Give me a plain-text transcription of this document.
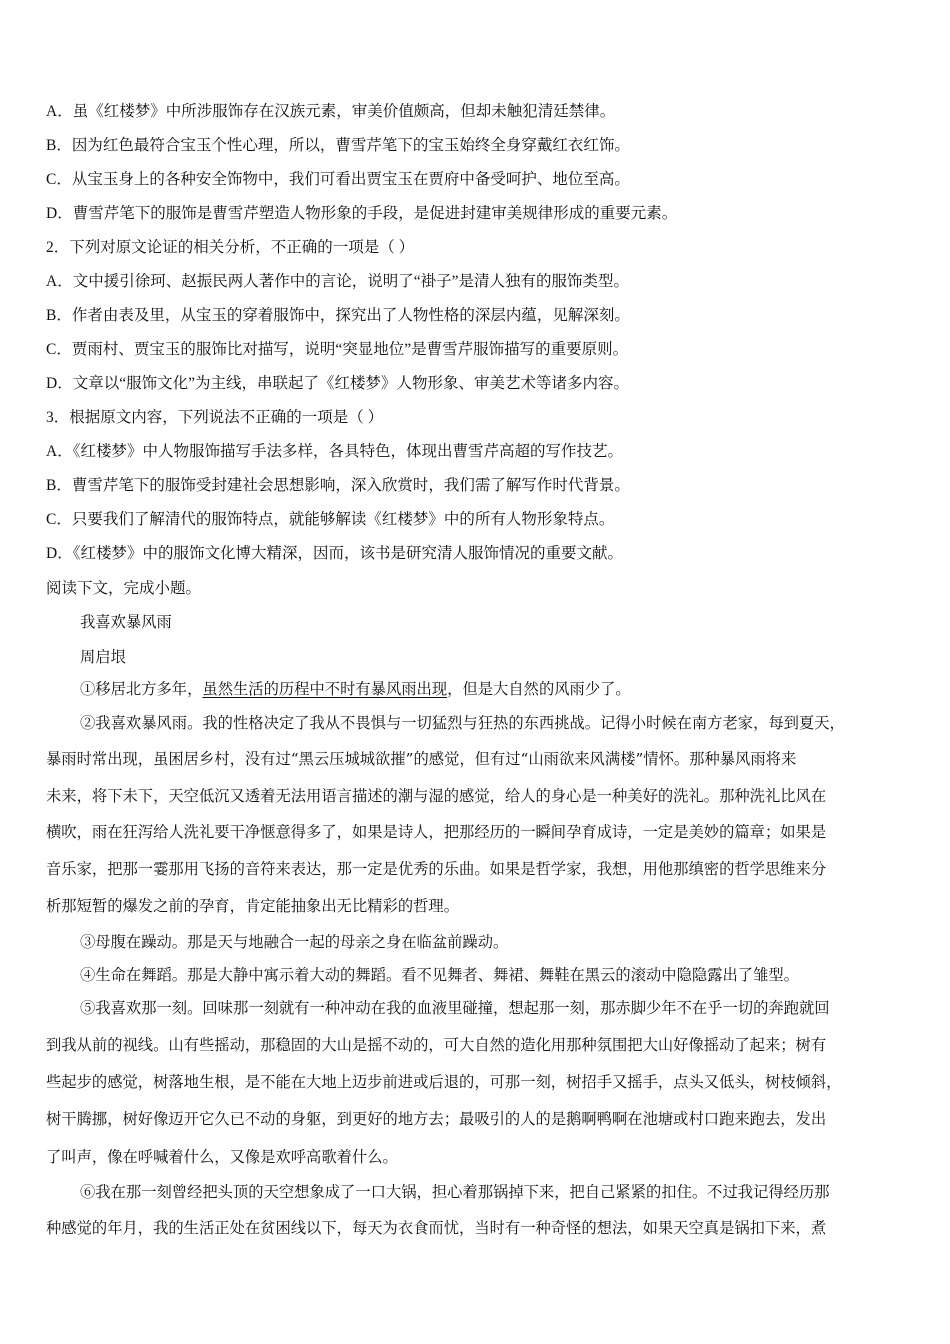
A．虽《红楼梦》中所涉服饰存在汉族元素，审美价值颇高，但却未触犯清廷禁律。
B．因为红色最符合宝玉个性心理，所以，曹雪芹笔下的宝玉始终全身穿戴红衣红饰。
C．从宝玉身上的各种安全饰物中，我们可看出贾宝玉在贾府中备受呵护、地位至高。
D．曹雪芹笔下的服饰是曹雪芹塑造人物形象的手段，是促进封建审美规律形成的重要元素。
2．下列对原文论证的相关分析，不正确的一项是（ ）
A．文中援引徐珂、赵振民两人著作中的言论，说明了“褂子”是清人独有的服饰类型。
B．作者由表及里，从宝玉的穿着服饰中，探究出了人物性格的深层内蕴，见解深刻。
C．贾雨村、贾宝玉的服饰比对描写，说明“突显地位”是曹雪芹服饰描写的重要原则。
D．文章以“服饰文化”为主线，串联起了《红楼梦》人物形象、审美艺术等诸多内容。
3．根据原文内容，下列说法不正确的一项是（ ）
A．《红楼梦》中人物服饰描写手法多样，各具特色，体现出曹雪芹高超的写作技艺。
B．曹雪芹笔下的服饰受封建社会思想影响，深入欣赏时，我们需了解写作时代背景。
C．只要我们了解清代的服饰特点，就能够解读《红楼梦》中的所有人物形象特点。
D．《红楼梦》中的服饰文化博大精深，因而，该书是研究清人服饰情况的重要文献。
阅读下文，完成小题。
我喜欢暴风雨
周启垠
①移居北方多年，虽然生活的历程中不时有暴风雨出现，但是大自然的风雨少了。
②我喜欢暴风雨。我的性格决定了我从不畏惧与一切猛烈与狂热的东西挑战。记得小时候在南方老家，每到夏天，
暴雨时常出现，虽困居乡村，没有过“黑云压城城欲摧”的感觉，但有过“山雨欲来风满楼”情怀。那种暴风雨将来
未来，将下未下，天空低沉又透着无法用语言描述的潮与湿的感觉，给人的身心是一种美好的洗礼。那种洗礼比风在
横吹，雨在狂泻给人洗礼要干净惬意得多了，如果是诗人，把那经历的一瞬间孕育成诗，一定是美妙的篇章；如果是
音乐家，把那一霎那用飞扬的音符来表达，那一定是优秀的乐曲。如果是哲学家，我想，用他那缜密的哲学思维来分
析那短暂的爆发之前的孕育，肯定能抽象出无比精彩的哲理。
③母腹在躁动。那是天与地融合一起的母亲之身在临盆前躁动。
④生命在舞蹈。那是大静中寓示着大动的舞蹈。看不见舞者、舞裙、舞鞋在黑云的滚动中隐隐露出了雏型。
⑤我喜欢那一刻。回味那一刻就有一种冲动在我的血液里碰撞，想起那一刻，那赤脚少年不在乎一切的奔跑就回
到我从前的视线。山有些摇动，那稳固的大山是摇不动的，可大自然的造化用那种氛围把大山好像摇动了起来；树有
些起步的感觉，树落地生根，是不能在大地上迈步前进或后退的，可那一刻，树招手又摇手，点头又低头，树枝倾斜，
树干腾挪，树好像迈开它久已不动的身躯，到更好的地方去；最吸引的人的是鹅啊鸭啊在池塘或村口跑来跑去，发出
了叫声，像在呼喊着什么，又像是欢呼高歌着什么。
⑥我在那一刻曾经把头顶的天空想象成了一口大锅，担心着那锅掉下来，把自己紧紧的扣住。不过我记得经历那
种感觉的年月，我的生活正处在贫困线以下，每天为衣食而忧，当时有一种奇怪的想法，如果天空真是锅扣下来，煮
